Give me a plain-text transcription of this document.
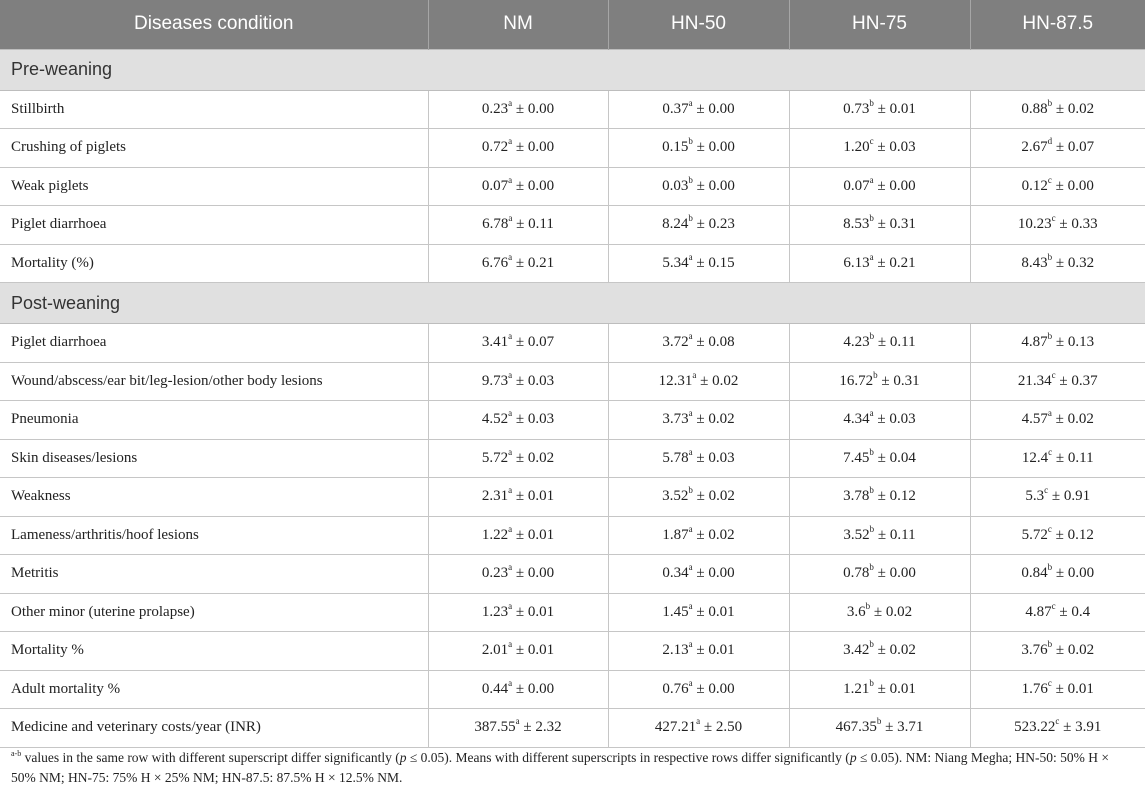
Diseases condition	NM	HN-50	HN-75	HN-87.5
Pre-weaning				
Stillbirth	0.23$^a$ ± 0.00	0.37$^a$ ± 0.00	0.73$^b$ ± 0.01	0.88$^b$ ± 0.02
Crushing of piglets	0.72$^a$ ± 0.00	0.15$^b$ ± 0.00	1.20$^c$ ± 0.03	2.67$^d$ ± 0.07
Weak piglets	0.07$^a$ ± 0.00	0.03$^b$ ± 0.00	0.07$^a$ ± 0.00	0.12$^c$ ± 0.00
Piglet diarrhoea	6.78$^a$ ± 0.11	8.24$^b$ ± 0.23	8.53$^b$ ± 0.31	10.23$^c$ ± 0.33
Mortality (%)	6.76$^a$ ± 0.21	5.34$^a$ ± 0.15	6.13$^a$ ± 0.21	8.43$^b$ ± 0.32
Post-weaning				
Piglet diarrhoea	3.41$^a$ ± 0.07	3.72$^a$ ± 0.08	4.23$^b$ ± 0.11	4.87$^b$ ± 0.13
Wound/abscess/ear bit/leg-lesion/other body lesions	9.73$^a$ ± 0.03	12.31$^a$ ± 0.02	16.72$^b$ ± 0.31	21.34$^c$ ± 0.37
Pneumonia	4.52$^a$ ± 0.03	3.73$^a$ ± 0.02	4.34$^a$ ± 0.03	4.57$^a$ ± 0.02
Skin diseases/lesions	5.72$^a$ ± 0.02	5.78$^a$ ± 0.03	7.45$^b$ ± 0.04	12.4$^c$ ± 0.11
Weakness	2.31$^a$ ± 0.01	3.52$^b$ ± 0.02	3.78$^b$ ± 0.12	5.3$^c$ ± 0.91
Lameness/arthritis/hoof lesions	1.22$^a$ ± 0.01	1.87$^a$ ± 0.02	3.52$^b$ ± 0.11	5.72$^c$ ± 0.12
Metritis	0.23$^a$ ± 0.00	0.34$^a$ ± 0.00	0.78$^b$ ± 0.00	0.84$^b$ ± 0.00
Other minor (uterine prolapse)	1.23$^a$ ± 0.01	1.45$^a$ ± 0.01	3.6$^b$ ± 0.02	4.87$^c$ ± 0.4
Mortality %	2.01$^a$ ± 0.01	2.13$^a$ ± 0.01	3.42$^b$ ± 0.02	3.76$^b$ ± 0.02
Adult mortality %	0.44$^a$ ± 0.00	0.76$^a$ ± 0.00	1.21$^b$ ± 0.01	1.76$^c$ ± 0.01
Medicine and veterinary costs/year (INR)	387.55$^a$ ± 2.32	427.21$^a$ ± 2.50	467.35$^b$ ± 3.71	523.22$^c$ ± 3.91

$^{a-b}$ values in the same row with different superscript differ significantly (p ≤ 0.05). Means with different superscripts in respective rows differ significantly (p ≤ 0.05). NM: Niang Megha; HN-50: 50% H × 50% NM; HN-75: 75% H × 25% NM; HN-87.5: 87.5% H × 12.5% NM.
